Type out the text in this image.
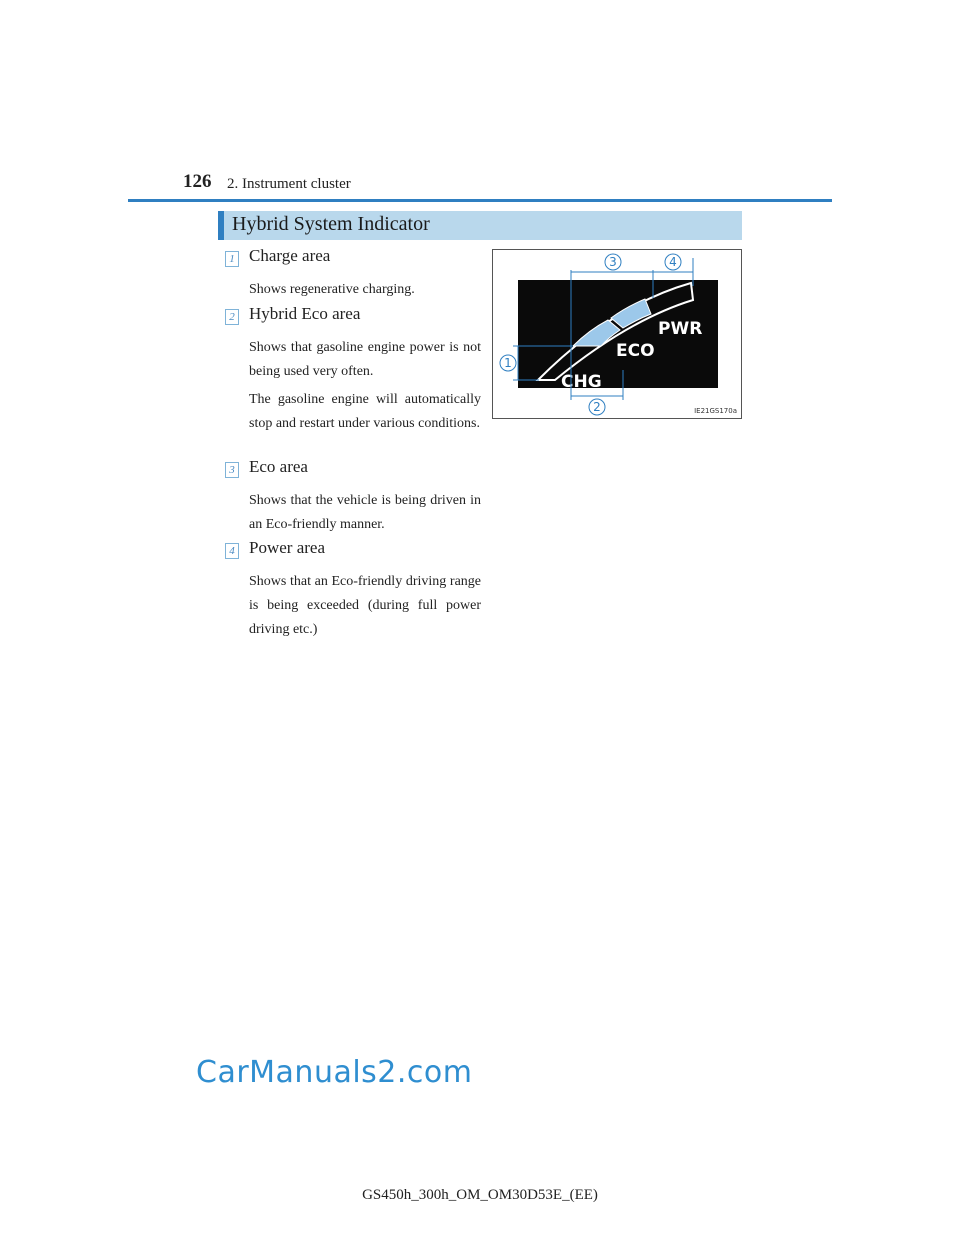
126 2. Instrument cluster
Hybrid System Indicator
1 Charge area

Shows regenerative charging.

2 Hybrid Eco area

Shows that gasoline engine power is not being used very often.

The gasoline engine will automatically stop and restart under various conditions.

3 Eco area

Shows that the vehicle is being driven in an Eco-friendly manner.

4 Power area

Shows that an Eco-friendly driving range is being exceeded (during full power driving etc.)

PWR
ECO
CHG
3	4
2
1
IE21GS170a
CarManuals2.com
GS450h_300h_OM_OM30D53E_(EE)
